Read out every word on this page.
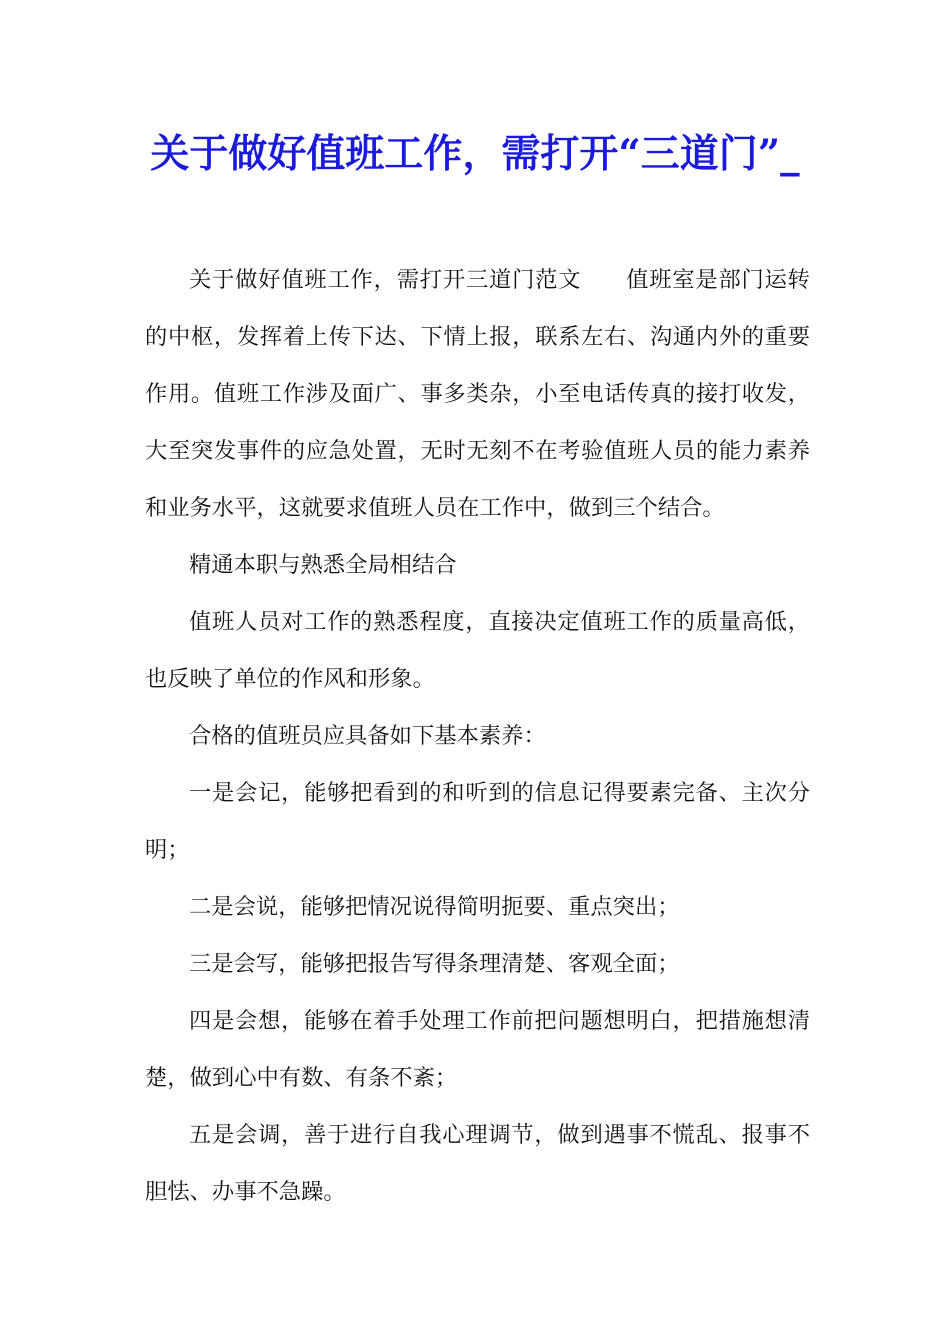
关于做好值班工作，需打开“三道门”_

关于做好值班工作，需打开三道门范文 值班室是部门运转的中枢，发挥着上传下达、下情上报，联系左右、沟通内外的重要作用。值班工作涉及面广、事多类杂，小至电话传真的接打收发，大至突发事件的应急处置，无时无刻不在考验值班人员的能力素养和业务水平，这就要求值班人员在工作中，做到三个结合。

精通本职与熟悉全局相结合

值班人员对工作的熟悉程度，直接决定值班工作的质量高低，也反映了单位的作风和形象。

合格的值班员应具备如下基本素养：

一是会记，能够把看到的和听到的信息记得要素完备、主次分明；

二是会说，能够把情况说得简明扼要、重点突出；

三是会写，能够把报告写得条理清楚、客观全面；

四是会想，能够在着手处理工作前把问题想明白，把措施想清楚，做到心中有数、有条不紊；

五是会调，善于进行自我心理调节，做到遇事不慌乱、报事不胆怯、办事不急躁。
